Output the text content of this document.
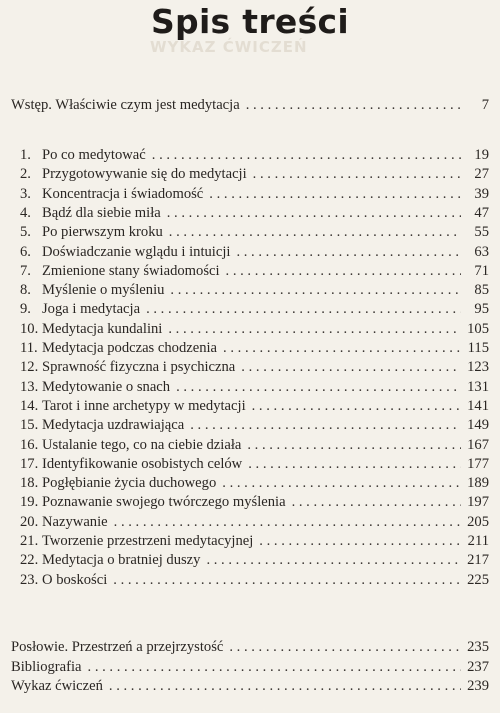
WYKAZ ĆWICZEŃ
Spis treści
Wstęp. Właściwie czym jest medytacja . . .	7
1. Po co medytować . . .	19
2. Przygotowywanie się do medytacji . . .	27
3. Koncentracja i świadomość . . .	39
4. Bądź dla siebie miła . . .	47
5. Po pierwszym kroku . . .	55
6. Doświadczanie wglądu i intuicji . . .	63
7. Zmienione stany świadomości . . .	71
8. Myślenie o myśleniu . . .	85
9. Joga i medytacja . . .	95
10. Medytacja kundalini . . .	105
11. Medytacja podczas chodzenia . . .	115
12. Sprawność fizyczna i psychiczna . . .	123
13. Medytowanie o snach . . .	131
14. Tarot i inne archetypy w medytacji . . .	141
15. Medytacja uzdrawiająca . . .	149
16. Ustalanie tego, co na ciebie działa . . .	167
17. Identyfikowanie osobistych celów . . .	177
18. Pogłębianie życia duchowego . . .	189
19. Poznawanie swojego twórczego myślenia . . .	197
20. Nazywanie . . .	205
21. Tworzenie przestrzeni medytacyjnej . . .	211
22. Medytacja o bratniej duszy . . .	217
23. O boskości . . .	225
Posłowie. Przestrzeń a przejrzystość . . .	235
Bibliografia . . .	237
Wykaz ćwiczeń . . .	239
